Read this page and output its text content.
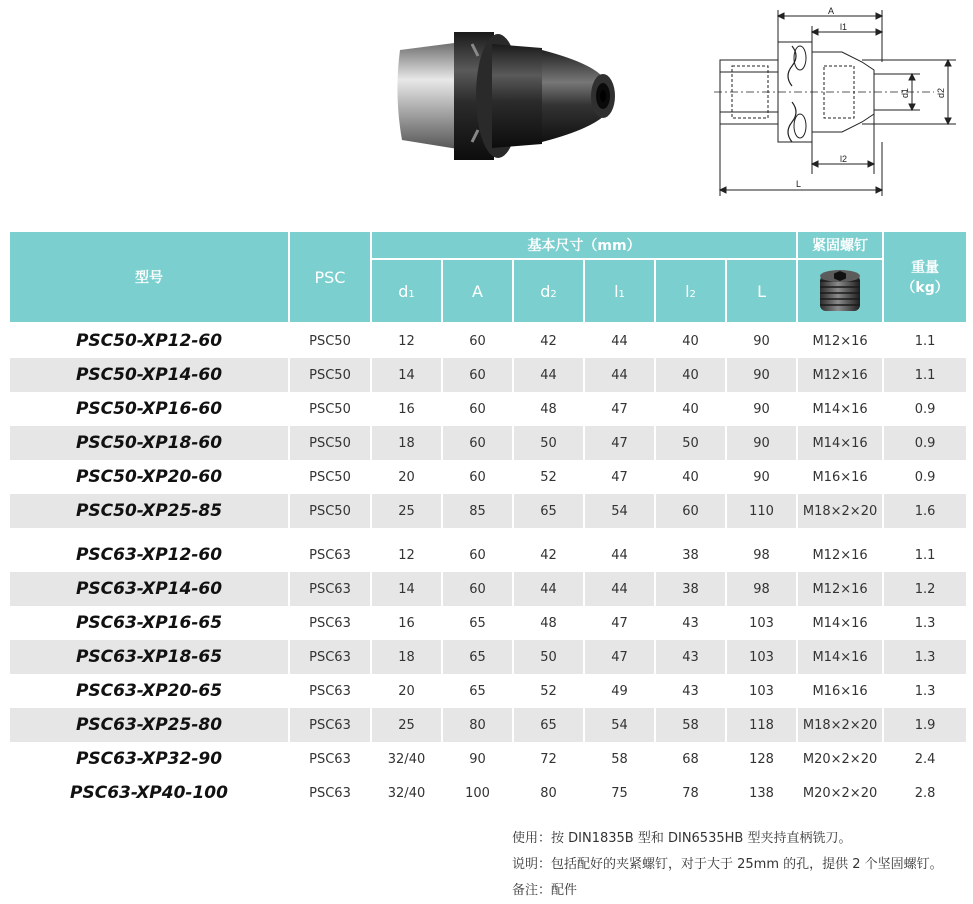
A
l1
d1	d2
l2
L
型号	PSC	基本尺寸（mm）						紧固螺钉	重量
（kg）

		d1	A	d2	l1	l2	L	

PSC50-XP12-60	PSC50	12	60	42	44	40	90	M12×16	1.1
PSC50-XP14-60	PSC50	14	60	44	44	40	90	M12×16	1.1
PSC50-XP16-60	PSC50	16	60	48	47	40	90	M14×16	0.9
PSC50-XP18-60	PSC50	18	60	50	47	50	90	M14×16	0.9
PSC50-XP20-60	PSC50	20	60	52	47	40	90	M16×16	0.9
PSC50-XP25-85	PSC50	25	85	65	54	60	110	M18×2×20	1.6
PSC63-XP12-60	PSC63	12	60	42	44	38	98	M12×16	1.1
PSC63-XP14-60	PSC63	14	60	44	44	38	98	M12×16	1.2
PSC63-XP16-65	PSC63	16	65	48	47	43	103	M14×16	1.3
PSC63-XP18-65	PSC63	18	65	50	47	43	103	M14×16	1.3
PSC63-XP20-65	PSC63	20	65	52	49	43	103	M16×16	1.3
PSC63-XP25-80	PSC63	25	80	65	54	58	118	M18×2×20	1.9
PSC63-XP32-90	PSC63	32/40	90	72	58	68	128	M20×2×20	2.4
PSC63-XP40-100	PSC63	32/40	100	80	75	78	138	M20×2×20	2.8
使用：按 DIN1835B 型和 DIN6535HB 型夹持直柄铣刀。
说明：包括配好的夹紧螺钉，对于大于 25mm 的孔，提供 2 个坚固螺钉。
备注：配件
